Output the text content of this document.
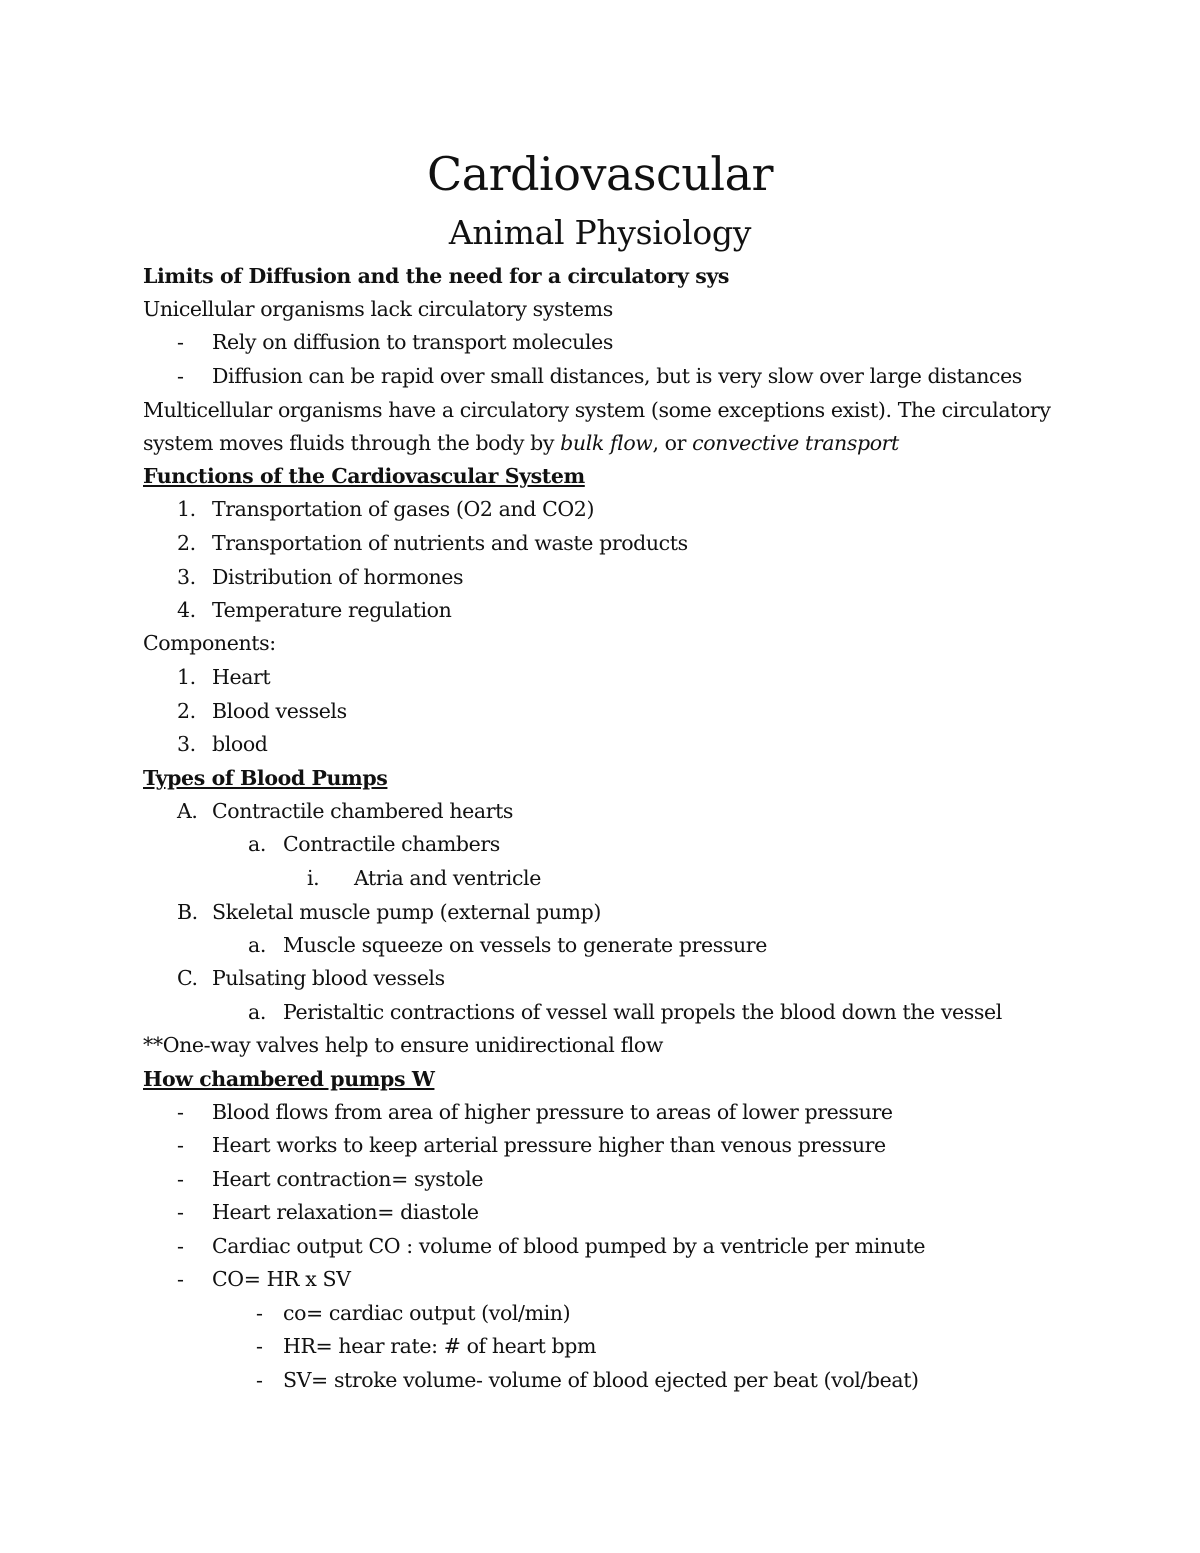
Cardiovascular
Animal Physiology
Limits of Diffusion and the need for a circulatory sys
Unicellular organisms lack circulatory systems
- Rely on diffusion to transport molecules
- Diffusion can be rapid over small distances, but is very slow over large distances
Multicellular organisms have a circulatory system (some exceptions exist). The circulatory
system moves fluids through the body by bulk flow, or convective transport
Functions of the Cardiovascular System
1. Transportation of gases (O2 and CO2)
2. Transportation of nutrients and waste products
3. Distribution of hormones
4. Temperature regulation
Components:
1. Heart
2. Blood vessels
3. blood
Types of Blood Pumps
A. Contractile chambered hearts
a. Contractile chambers
i. Atria and ventricle
B. Skeletal muscle pump (external pump)
a. Muscle squeeze on vessels to generate pressure
C. Pulsating blood vessels
a. Peristaltic contractions of vessel wall propels the blood down the vessel
**One-way valves help to ensure unidirectional flow
How chambered pumps W
- Blood flows from area of higher pressure to areas of lower pressure
- Heart works to keep arterial pressure higher than venous pressure
- Heart contraction= systole
- Heart relaxation= diastole
- Cardiac output CO : volume of blood pumped by a ventricle per minute
- CO= HR x SV
- co= cardiac output (vol/min)
- HR= hear rate: # of heart bpm
- SV= stroke volume- volume of blood ejected per beat (vol/beat)
